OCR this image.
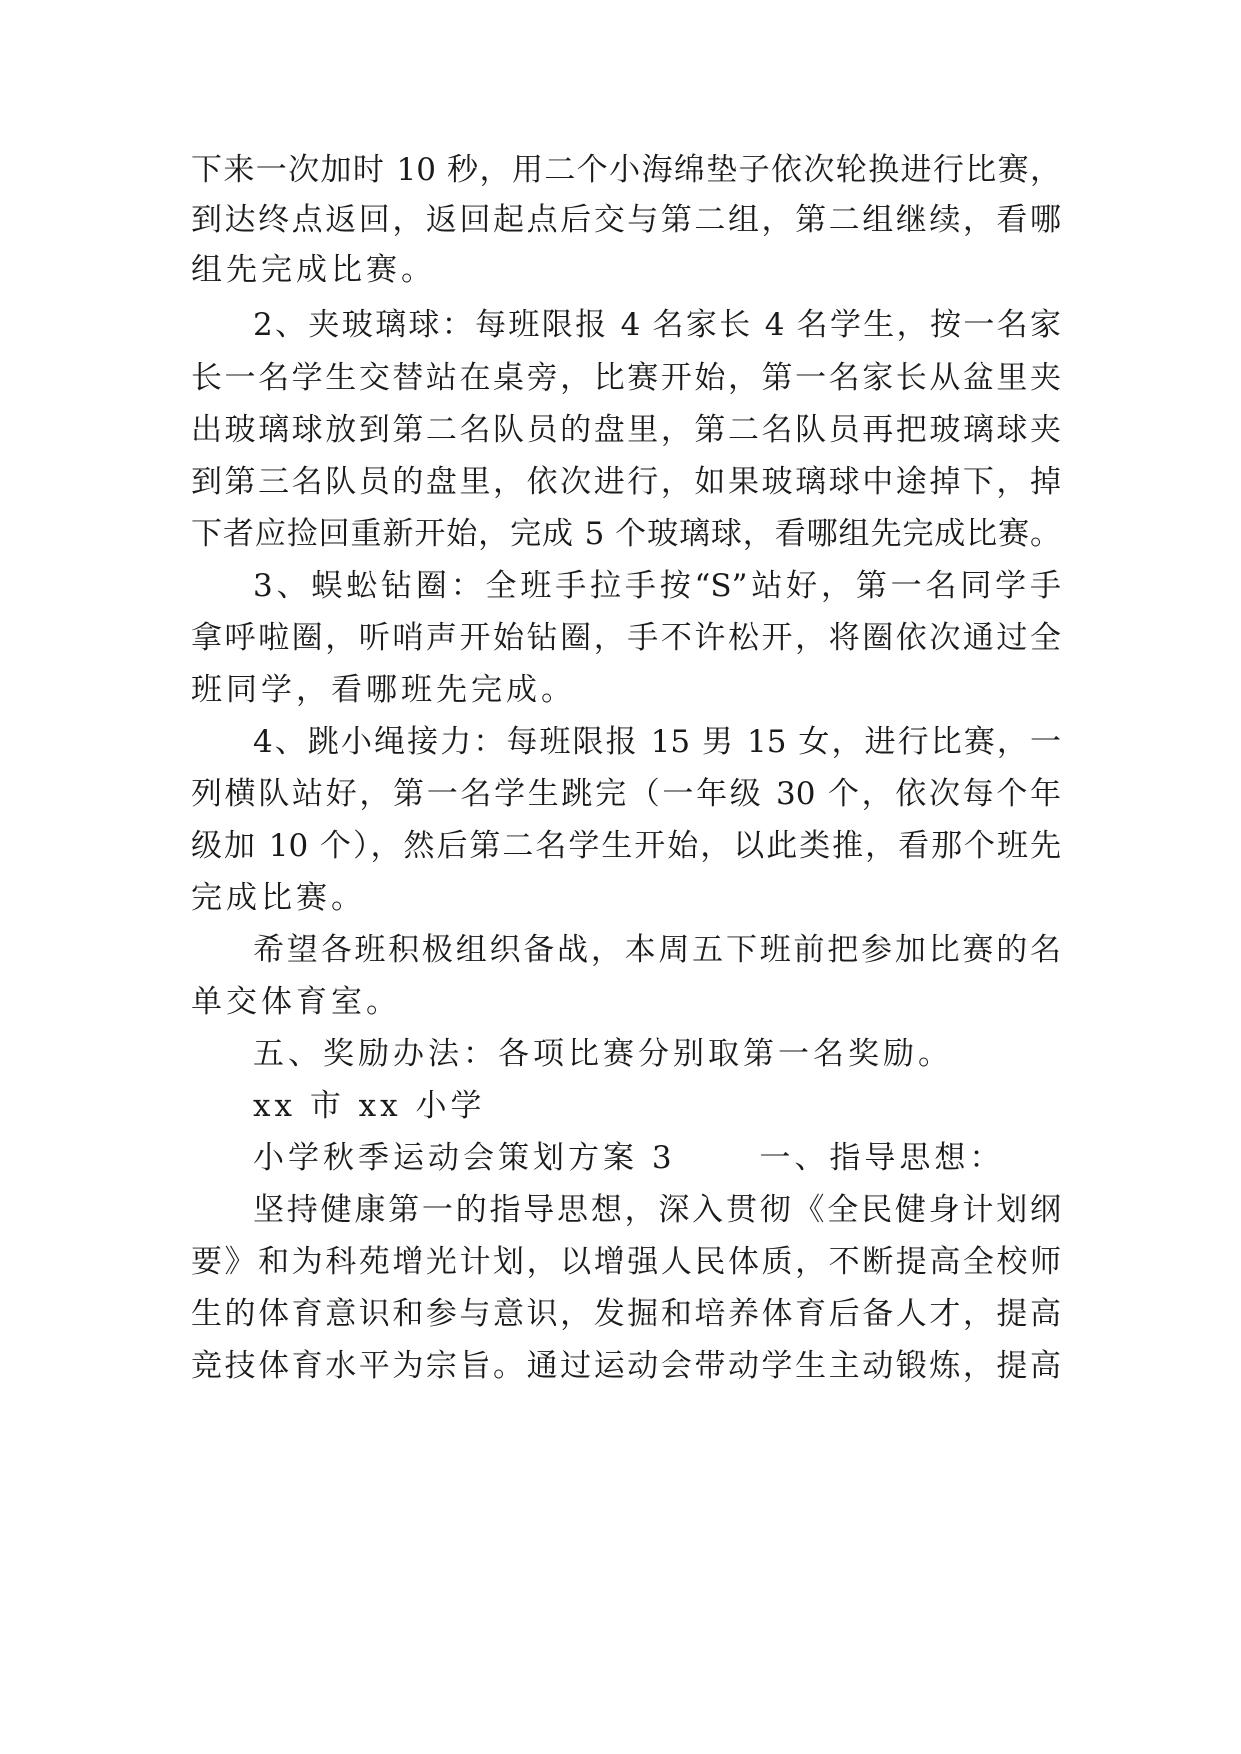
下来一次加时 10 秒，用二个小海绵垫子依次轮换进行比赛，
到达终点返回，返回起点后交与第二组，第二组继续，看哪
组先完成比赛。
2、夹玻璃球：每班限报 4 名家长 4 名学生，按一名家
长一名学生交替站在桌旁，比赛开始，第一名家长从盆里夹
出玻璃球放到第二名队员的盘里，第二名队员再把玻璃球夹
到第三名队员的盘里，依次进行，如果玻璃球中途掉下，掉
下者应捡回重新开始，完成 5 个玻璃球，看哪组先完成比赛。
3、蜈蚣钻圈：全班手拉手按“S”站好，第一名同学手
拿呼啦圈，听哨声开始钻圈，手不许松开，将圈依次通过全
班同学，看哪班先完成。
4、跳小绳接力：每班限报 15 男 15 女，进行比赛，一
列横队站好，第一名学生跳完（一年级 30 个，依次每个年
级加 10 个），然后第二名学生开始，以此类推，看那个班先
完成比赛。
希望各班积极组织备战，本周五下班前把参加比赛的名
单交体育室。
五、奖励办法：各项比赛分别取第一名奖励。
xx 市 xx 小学
小学秋季运动会策划方案 3　　 一、指导思想：
坚持健康第一的指导思想，深入贯彻《全民健身计划纲
要》和为科苑增光计划，以增强人民体质，不断提高全校师
生的体育意识和参与意识，发掘和培养体育后备人才，提高
竞技体育水平为宗旨。通过运动会带动学生主动锻炼，提高
